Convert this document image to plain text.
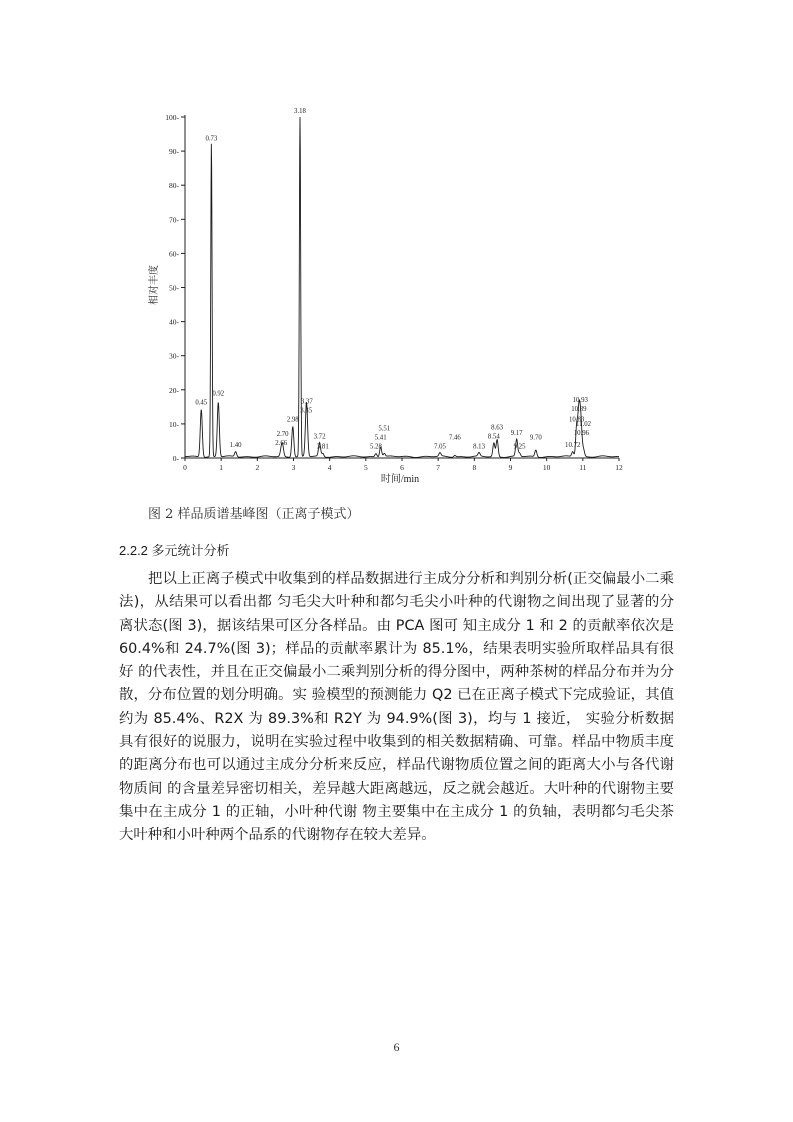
0-
10-
20-
30-
40-
50-
60-
70-
80-
90-
100-
0	1	2	3	4	5	6	7	8	9	10	11	12
0.45
0.73
0.92
1.40	2.66
2.70
2.98
3.18
3.35
3.37
3.72
3.81	5.28
5.41
5.51
7.05
7.46
8.13
8.54
8.63
9.17
9.25
9.70
10.72
10.83
10.89
10.93
10.96
11.02
相对丰度
时间/min
图 2 样品质谱基峰图（正离子模式）
2.2.2 多元统计分析

把以上正离子模式中收集到的样品数据进行主成分分析和判别分析(正交偏最小二乘法)，从结果可以看出都 匀毛尖大叶种和都匀毛尖小叶种的代谢物之间出现了显著的分离状态(图 3)，据该结果可区分各样品。由 PCA 图可 知主成分 1 和 2 的贡献率依次是 60.4%和 24.7%(图 3)；样品的贡献率累计为 85.1%，结果表明实验所取样品具有很好 的代表性，并且在正交偏最小二乘判别分析的得分图中，两种茶树的样品分布并为分散，分布位置的划分明确。实 验模型的预测能力 Q2 已在正离子模式下完成验证，其值约为 85.4%、R2X 为 89.3%和 R2Y 为 94.9%(图 3)，均与 1 接近， 实验分析数据具有很好的说服力，说明在实验过程中收集到的相关数据精确、可靠。样品中物质丰度的距离分布也可以通过主成分分析来反应，样品代谢物质位置之间的距离大小与各代谢物质间 的含量差异密切相关，差异越大距离越远，反之就会越近。大叶种的代谢物主要集中在主成分 1 的正轴，小叶种代谢 物主要集中在主成分 1 的负轴，表明都匀毛尖茶大叶种和小叶种两个品系的代谢物存在较大差异。

6
